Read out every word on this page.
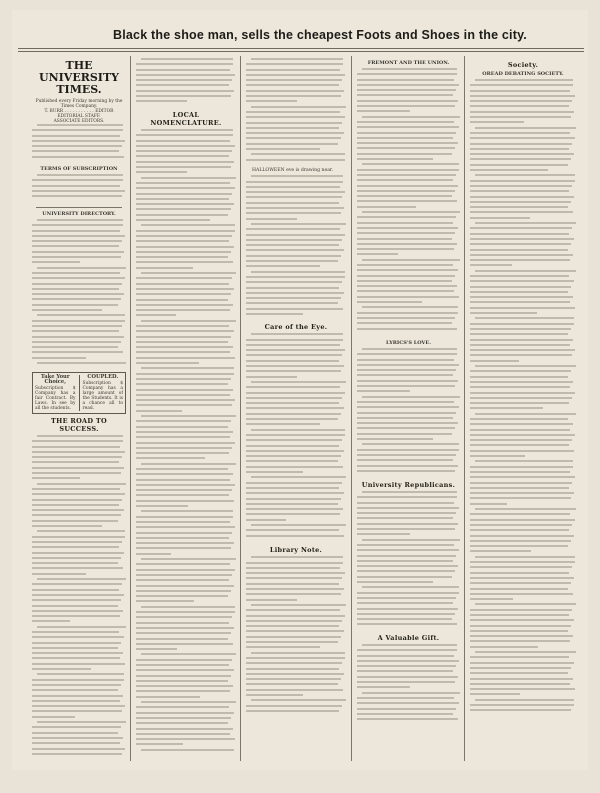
Black the shoe man, sells the cheapest Foots and Shoes in the city.
THE UNIVERSITY TIMES.
Published every Friday morning by the Times Company.
T. BURR . . . . . . . . . . . EDITOR
EDITORIAL STAFF.
ASSOCIATE EDITORS.
TERMS OF SUBSCRIPTION
UNIVERSITY DIRECTORY.
Take Your Choice,
Subscription $ Company has a fair Contract. By Laws. In see by all the students.
COUPLED.
Subscription $ Company has a large amount of the Students. It is a chance all to read.
THE ROAD TO SUCCESS.
LOCAL NOMENCLATURE.
HALLOWEEN eve is drawing near.
Care of the Eye.
Library Note.
FREMONT AND THE UNION.
LYRICS'S LOVE.
University Republicans.
A Valuable Gift.
Society.
OREAD DEBATING SOCIETY.
